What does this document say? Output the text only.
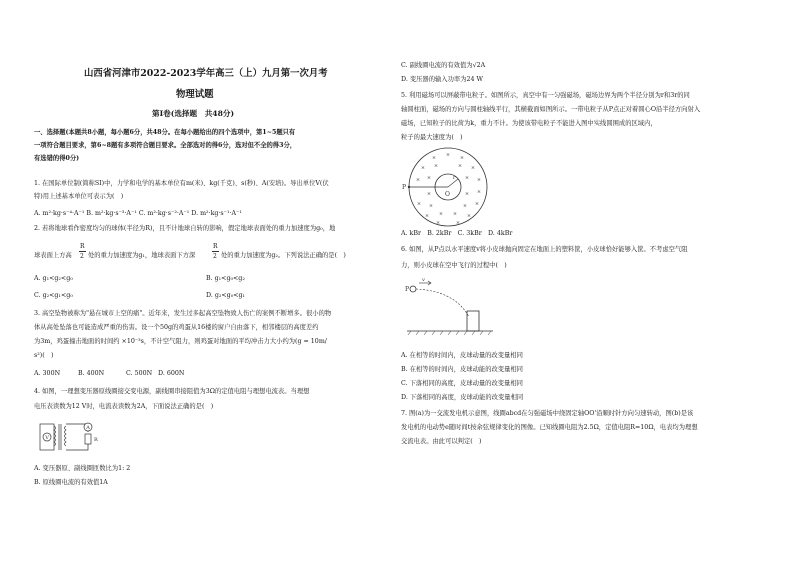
山西省河津市2022-2023学年高三（上）九月第一次月考
物理试题
第Ⅰ卷(选择题　共48分)
一、选择题(本题共8小题，每小题6分，共48分。在每小题给出的四个选项中，第1~5题只有
一项符合题目要求，第6~8题有多项符合题目要求。全部选对的得6分，选对但不全的得3分，
有选错的得0分)
1. 在国际单位制(简称SI)中，力学和电学的基本单位有m(米)、kg(千克)、s(秒)、A(安培)。导出单位V(伏
特)用上述基本单位可表示为(　)
A. m²·kg·s⁻⁴·A⁻¹ B. m²·kg·s⁻³·A⁻¹ C. m²·kg·s⁻²·A⁻¹ D. m²·kg·s⁻¹·A⁻¹
2. 若将地球看作密度均匀的球体(半径为R)，且不计地球自转的影响，假定地球表面处的重力加速度为g₀，地
球表面上方高
R
2 处的重力加速度为g₁，地球表面下方深
R
2 处的重力加速度为g₂。下列说法正确的是(　)
A. g₁<g₂<g₀	B. g₁<g₀<g₂
C. g₂<g₁<g₀	D. g₂<g₀<g₁
3. 高空坠物被称为"悬在城市上空的痛"。近年来，发生过多起高空坠物致人伤亡的案例不断增多。很小的物
体从高处坠落也可能造成严重的伤害。设一个50g的鸡蛋从16楼的窗户自由落下，相邻楼层的高度差约
为3m，鸡蛋撞击地面的时间约 ×10⁻³s，不计空气阻力，则鸡蛋对地面的平均冲击力大小约为(g = 10m/
s²)(　)
A. 300N	B. 400N	C. 500N D. 600N
4. 如图，一理想变压器原线圈接交变电源，副线圈串接阻值为3Ω的定值电阻与理想电流表。当理想
电压表读数为12 V时，电流表读数为2A，下面说法正确的是(　)
V
A
R
A. 变压器原、副线圈匝数比为1: 2
B. 原线圈电流的有效值1A
C. 副线圈电流的有效值为√2A
D. 变压器的输入功率为24 W
5. 利用磁场可以屏蔽带电粒子。如图所示，真空中有一匀强磁场，磁场边界为两个半径分别为r和3r的同
轴圆柱面，磁场的方向与圆柱轴线平行，其横截面如图所示。一带电粒子从P点正对着圆心O沿半径方向射入
磁场，已知粒子的比荷为k，重力不计。为使该带电粒子不能进入图中实线圆围成的区域内，
粒子的最大速度为(　)
× × ×
× ×	× ×
× ×	× ×
×	× ×
× ×	× ×
× × × ×
×	×
P
O
r
A. kBr　B. 2kBr　C. 3kBr　D. 4kBr
6. 如图，从P点以水平速度v将小皮球抛向固定在地面上的塑料筐，小皮球恰好能够入筐。不考虑空气阻
力，则小皮球在空中飞行的过程中(　)
P
v
A. 在相等的时间内，皮球动量的改变量相同
B. 在相等的时间内，皮球动能的改变量相同
C. 下落相同的高度，皮球动量的改变量相同
D. 下落相同的高度，皮球动能的改变量相同
7. 图(a)为一交流发电机示意图，线圈abcd在匀强磁场中绕固定轴OO'沿顺时针方向匀速转动，图(b)是该
发电机的电动势e随时间t按余弦规律变化的图像。已知线圈电阻为2.5Ω，定值电阻R=10Ω，电表均为理想
交流电表。由此可以判定(　)
